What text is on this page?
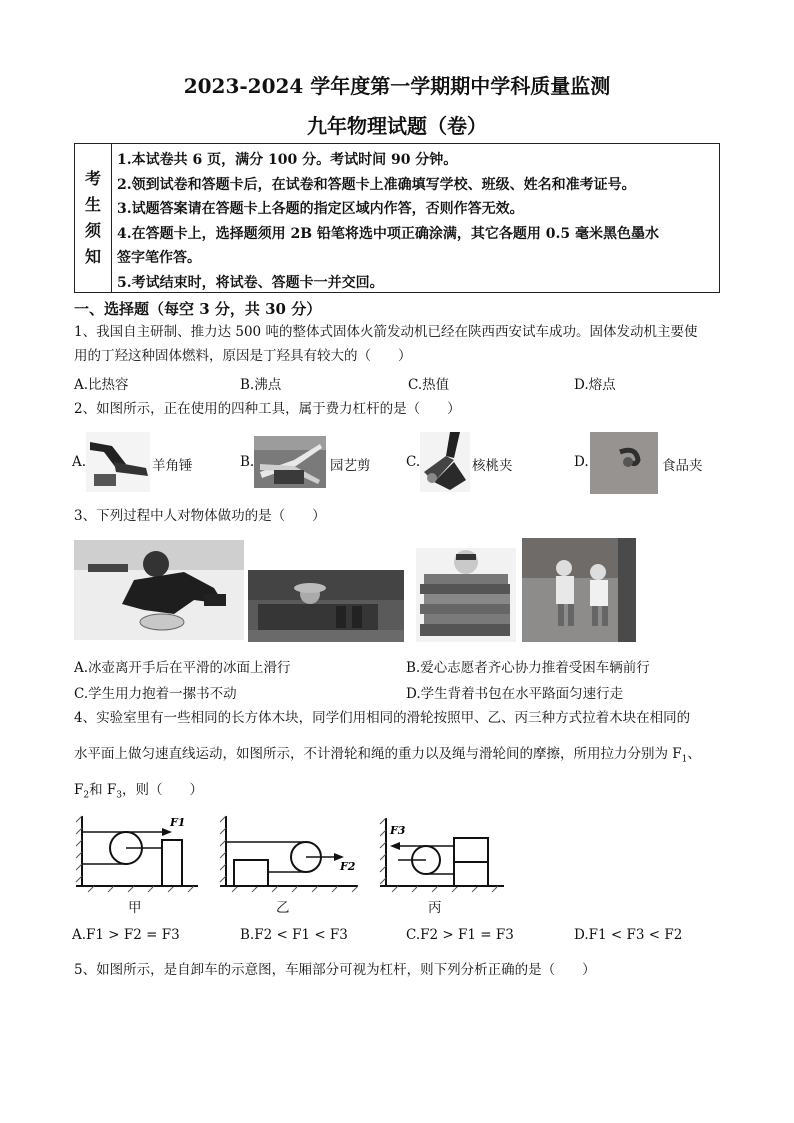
2023-2024 学年度第一学期期中学科质量监测
九年物理试题（卷）
考
生
须
知
1.本试卷共 6 页，满分 100 分。考试时间 90 分钟。
2.领到试卷和答题卡后，在试卷和答题卡上准确填写学校、班级、姓名和准考证号。
3.试题答案请在答题卡上各题的指定区域内作答，否则作答无效。
4.在答题卡上，选择题须用 2B 铅笔将选中项正确涂满，其它各题用 0.5 毫米黑色墨水
签字笔作答。
5.考试结束时，将试卷、答题卡一并交回。
一、选择题（每空 3 分，共 30 分）
1、我国自主研制、推力达 500 吨的整体式固体火箭发动机已经在陕西西安试车成功。固体发动机主要使
用的丁羟这种固体燃料，原因是丁羟具有较大的（　　）
A.比热容	B.沸点	C.热值	D.熔点
2、如图所示，正在使用的四种工具，属于费力杠杆的是（　　）
A.	羊角锤	B.	园艺剪	C.	核桃夹	D.	食品夹
3、下列过程中人对物体做功的是（　　）
A.冰壶离开手后在平滑的冰面上滑行	B.爱心志愿者齐心协力推着受困车辆前行
C.学生用力抱着一摞书不动	D.学生背着书包在水平路面匀速行走
4、实验室里有一些相同的长方体木块，同学们用相同的滑轮按照甲、乙、丙三种方式拉着木块在相同的
水平面上做匀速直线运动，如图所示，不计滑轮和绳的重力以及绳与滑轮间的摩擦，所用拉力分别为 $F_1$、
$F_2$和 $F_3$，则（　　）
F1
甲
F2
乙
F3
丙
A.F1 > F2 = F3	B.F2 < F1 < F3	C.F2 > F1 = F3	D.F1 < F3 < F2
5、如图所示，是自卸车的示意图，车厢部分可视为杠杆，则下列分析正确的是（　　）
